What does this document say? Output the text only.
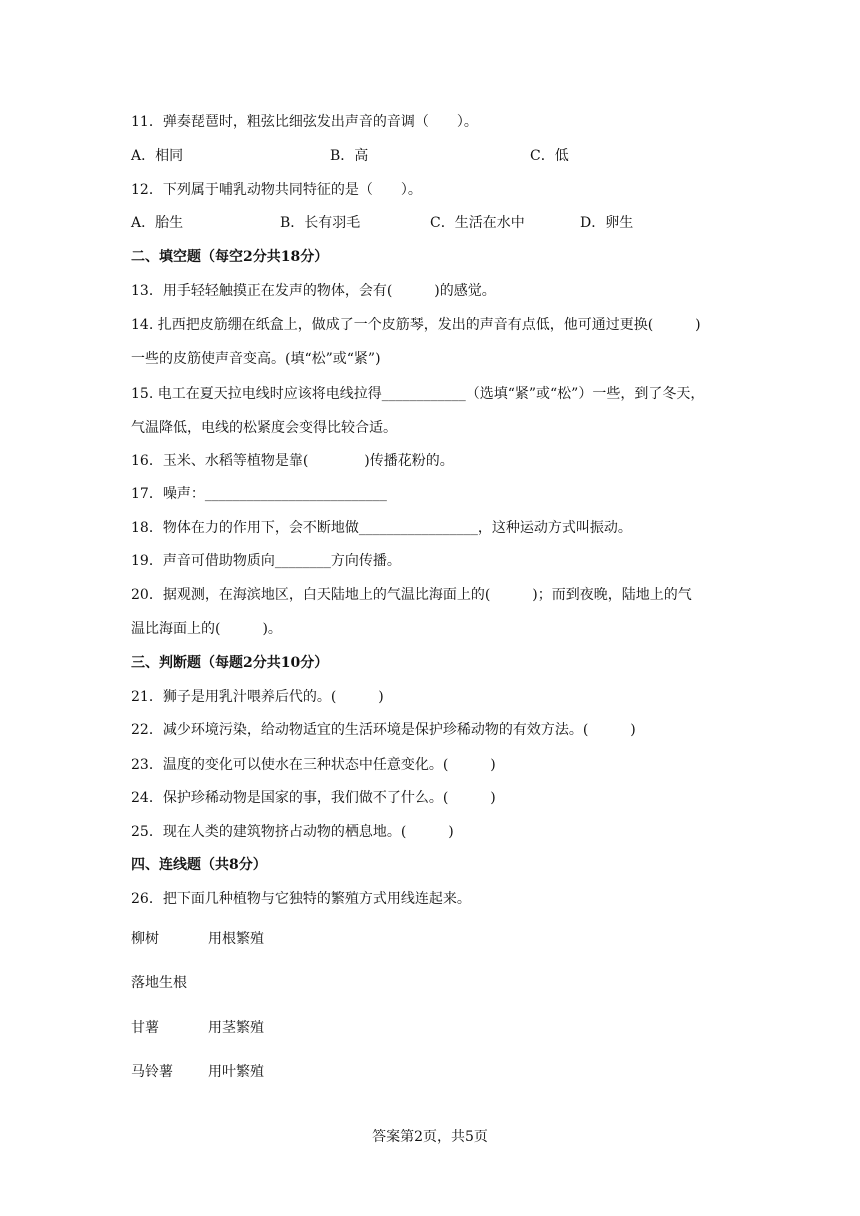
11．弹奏琵琶时，粗弦比细弦发出声音的音调（　　）。
A．相同	B．高	C．低
12．下列属于哺乳动物共同特征的是（　　）。
A．胎生	B．长有羽毛	C．生活在水中	D．卵生
二、填空题（每空2分共18分）
13．用手轻轻触摸正在发声的物体，会有(　　　)的感觉。
14. 扎西把皮筋绷在纸盒上，做成了一个皮筋琴，发出的声音有点低，他可通过更换(　　　)
一些的皮筋使声音变高。(填“松”或“紧”)
15. 电工在夏天拉电线时应该将电线拉得____________（选填“紧”或“松”）一些，到了冬天，
气温降低，电线的松紧度会变得比较合适。
16．玉米、水稻等植物是靠(　　　　)传播花粉的。
17．噪声：__________________________
18．物体在力的作用下，会不断地做_________________，这种运动方式叫振动。
19．声音可借助物质向________方向传播。
20．据观测，在海滨地区，白天陆地上的气温比海面上的(　　　)；而到夜晚，陆地上的气
温比海面上的(　　　)。
三、判断题（每题2分共10分）
21．狮子是用乳汁喂养后代的。(　　　)
22．减少环境污染，给动物适宜的生活环境是保护珍稀动物的有效方法。(　　　)
23．温度的变化可以使水在三种状态中任意变化。(　　　)
24．保护珍稀动物是国家的事，我们做不了什么。(　　　)
25．现在人类的建筑物挤占动物的栖息地。(　　　)
四、连线题（共8分）
26．把下面几种植物与它独特的繁殖方式用线连起来。
柳树	用根繁殖
落地生根
甘薯	用茎繁殖
马铃薯	用叶繁殖
答案第2页，共5页
